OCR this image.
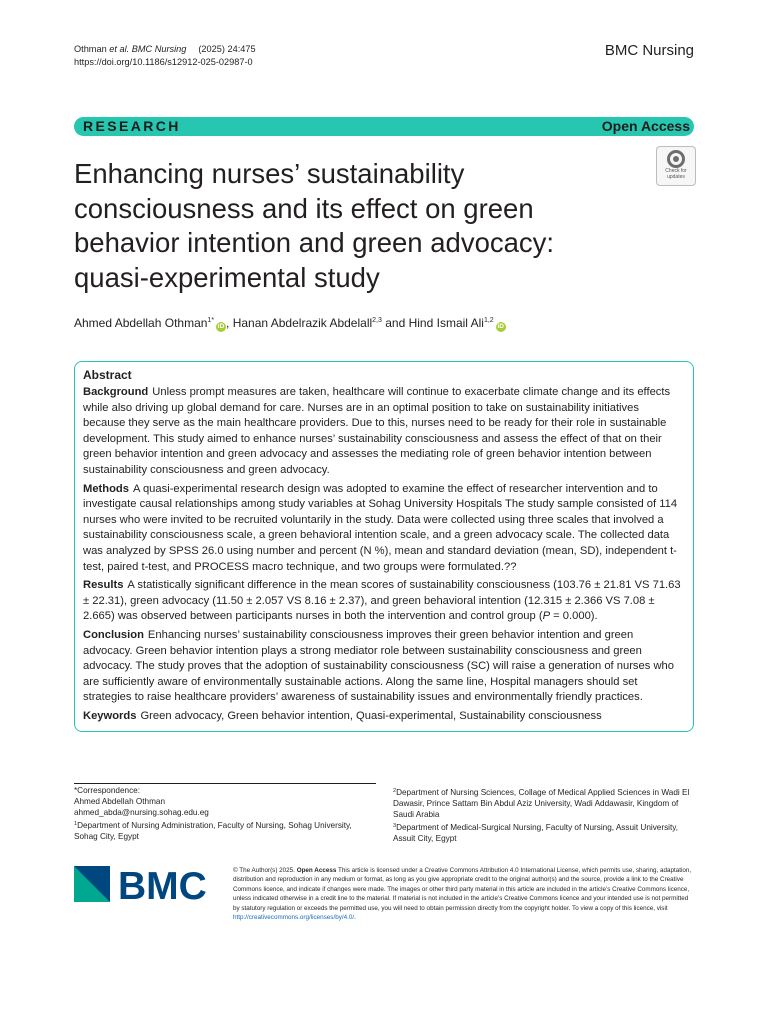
Othman et al. BMC Nursing (2025) 24:475
https://doi.org/10.1186/s12912-025-02987-0
BMC Nursing
RESEARCH	Open Access
Enhancing nurses’ sustainability consciousness and its effect on green behavior intention and green advocacy: quasi-experimental study
Check for
updates
Ahmed Abdellah Othman$^{1*}$iD , Hanan Abdelrazik Abdelall$^{2,3}$ and Hind Ismail Ali$^{1,2}$iD
Abstract

Background Unless prompt measures are taken, healthcare will continue to exacerbate climate change and its effects while also driving up global demand for care. Nurses are in an optimal position to take on sustainability initiatives because they serve as the main healthcare providers. Due to this, nurses need to be ready for their role in sustainable development. This study aimed to enhance nurses’ sustainability consciousness and assess the effect of that on their green behavior intention and green advocacy and assesses the mediating role of green behavior intention between sustainability consciousness and green advocacy.

Methods A quasi-experimental research design was adopted to examine the effect of researcher intervention and to investigate causal relationships among study variables at Sohag University Hospitals The study sample consisted of 114 nurses who were invited to be recruited voluntarily in the study. Data were collected using three scales that involved a sustainability consciousness scale, a green behavioral intention scale, and a green advocacy scale. The collected data was analyzed by SPSS 26.0 using number and percent (N %), mean and standard deviation (mean, SD), independent t-test, paired t-test, and PROCESS macro technique, and two groups were formulated.??

Results A statistically significant difference in the mean scores of sustainability consciousness (103.76 ± 21.81 VS 71.63 ± 22.31), green advocacy (11.50 ± 2.057 VS 8.16 ± 2.37), and green behavioral intention (12.315 ± 2.366 VS 7.08 ± 2.665) was observed between participants nurses in both the intervention and control group (P = 0.000).

Conclusion Enhancing nurses’ sustainability consciousness improves their green behavior intention and green advocacy. Green behavior intention plays a strong mediator role between sustainability consciousness and green advocacy. The study proves that the adoption of sustainability consciousness (SC) will raise a generation of nurses who are sufficiently aware of environmentally sustainable actions. Along the same line, Hospital managers should set strategies to raise healthcare providers’ awareness of sustainability issues and environmentally friendly practices.

Keywords Green advocacy, Green behavior intention, Quasi-experimental, Sustainability consciousness

*Correspondence:
Ahmed Abdellah Othman
ahmed_abda@nursing.sohag.edu.eg
$^1$Department of Nursing Administration, Faculty of Nursing, Sohag University, Sohag City, Egypt
$^2$Department of Nursing Sciences, Collage of Medical Applied Sciences in Wadi El Dawasir, Prince Sattam Bin Abdul Aziz University, Wadi Addawasir, Kingdom of Saudi Arabia
$^3$Department of Medical-Surgical Nursing, Faculty of Nursing, Assuit University, Assuit City, Egypt
BMC	© The Author(s) 2025. Open Access This article is licensed under a Creative Commons Attribution 4.0 International License, which permits use, sharing, adaptation, distribution and reproduction in any medium or format, as long as you give appropriate credit to the original author(s) and the source, provide a link to the Creative Commons licence, and indicate if changes were made. The images or other third party material in this article are included in the article’s Creative Commons licence, unless indicated otherwise in a credit line to the material. If material is not included in the article’s Creative Commons licence and your intended use is not permitted by statutory regulation or exceeds the permitted use, you will need to obtain permission directly from the copyright holder. To view a copy of this licence, visit http://creativecommons.org/licenses/by/4.0/.
